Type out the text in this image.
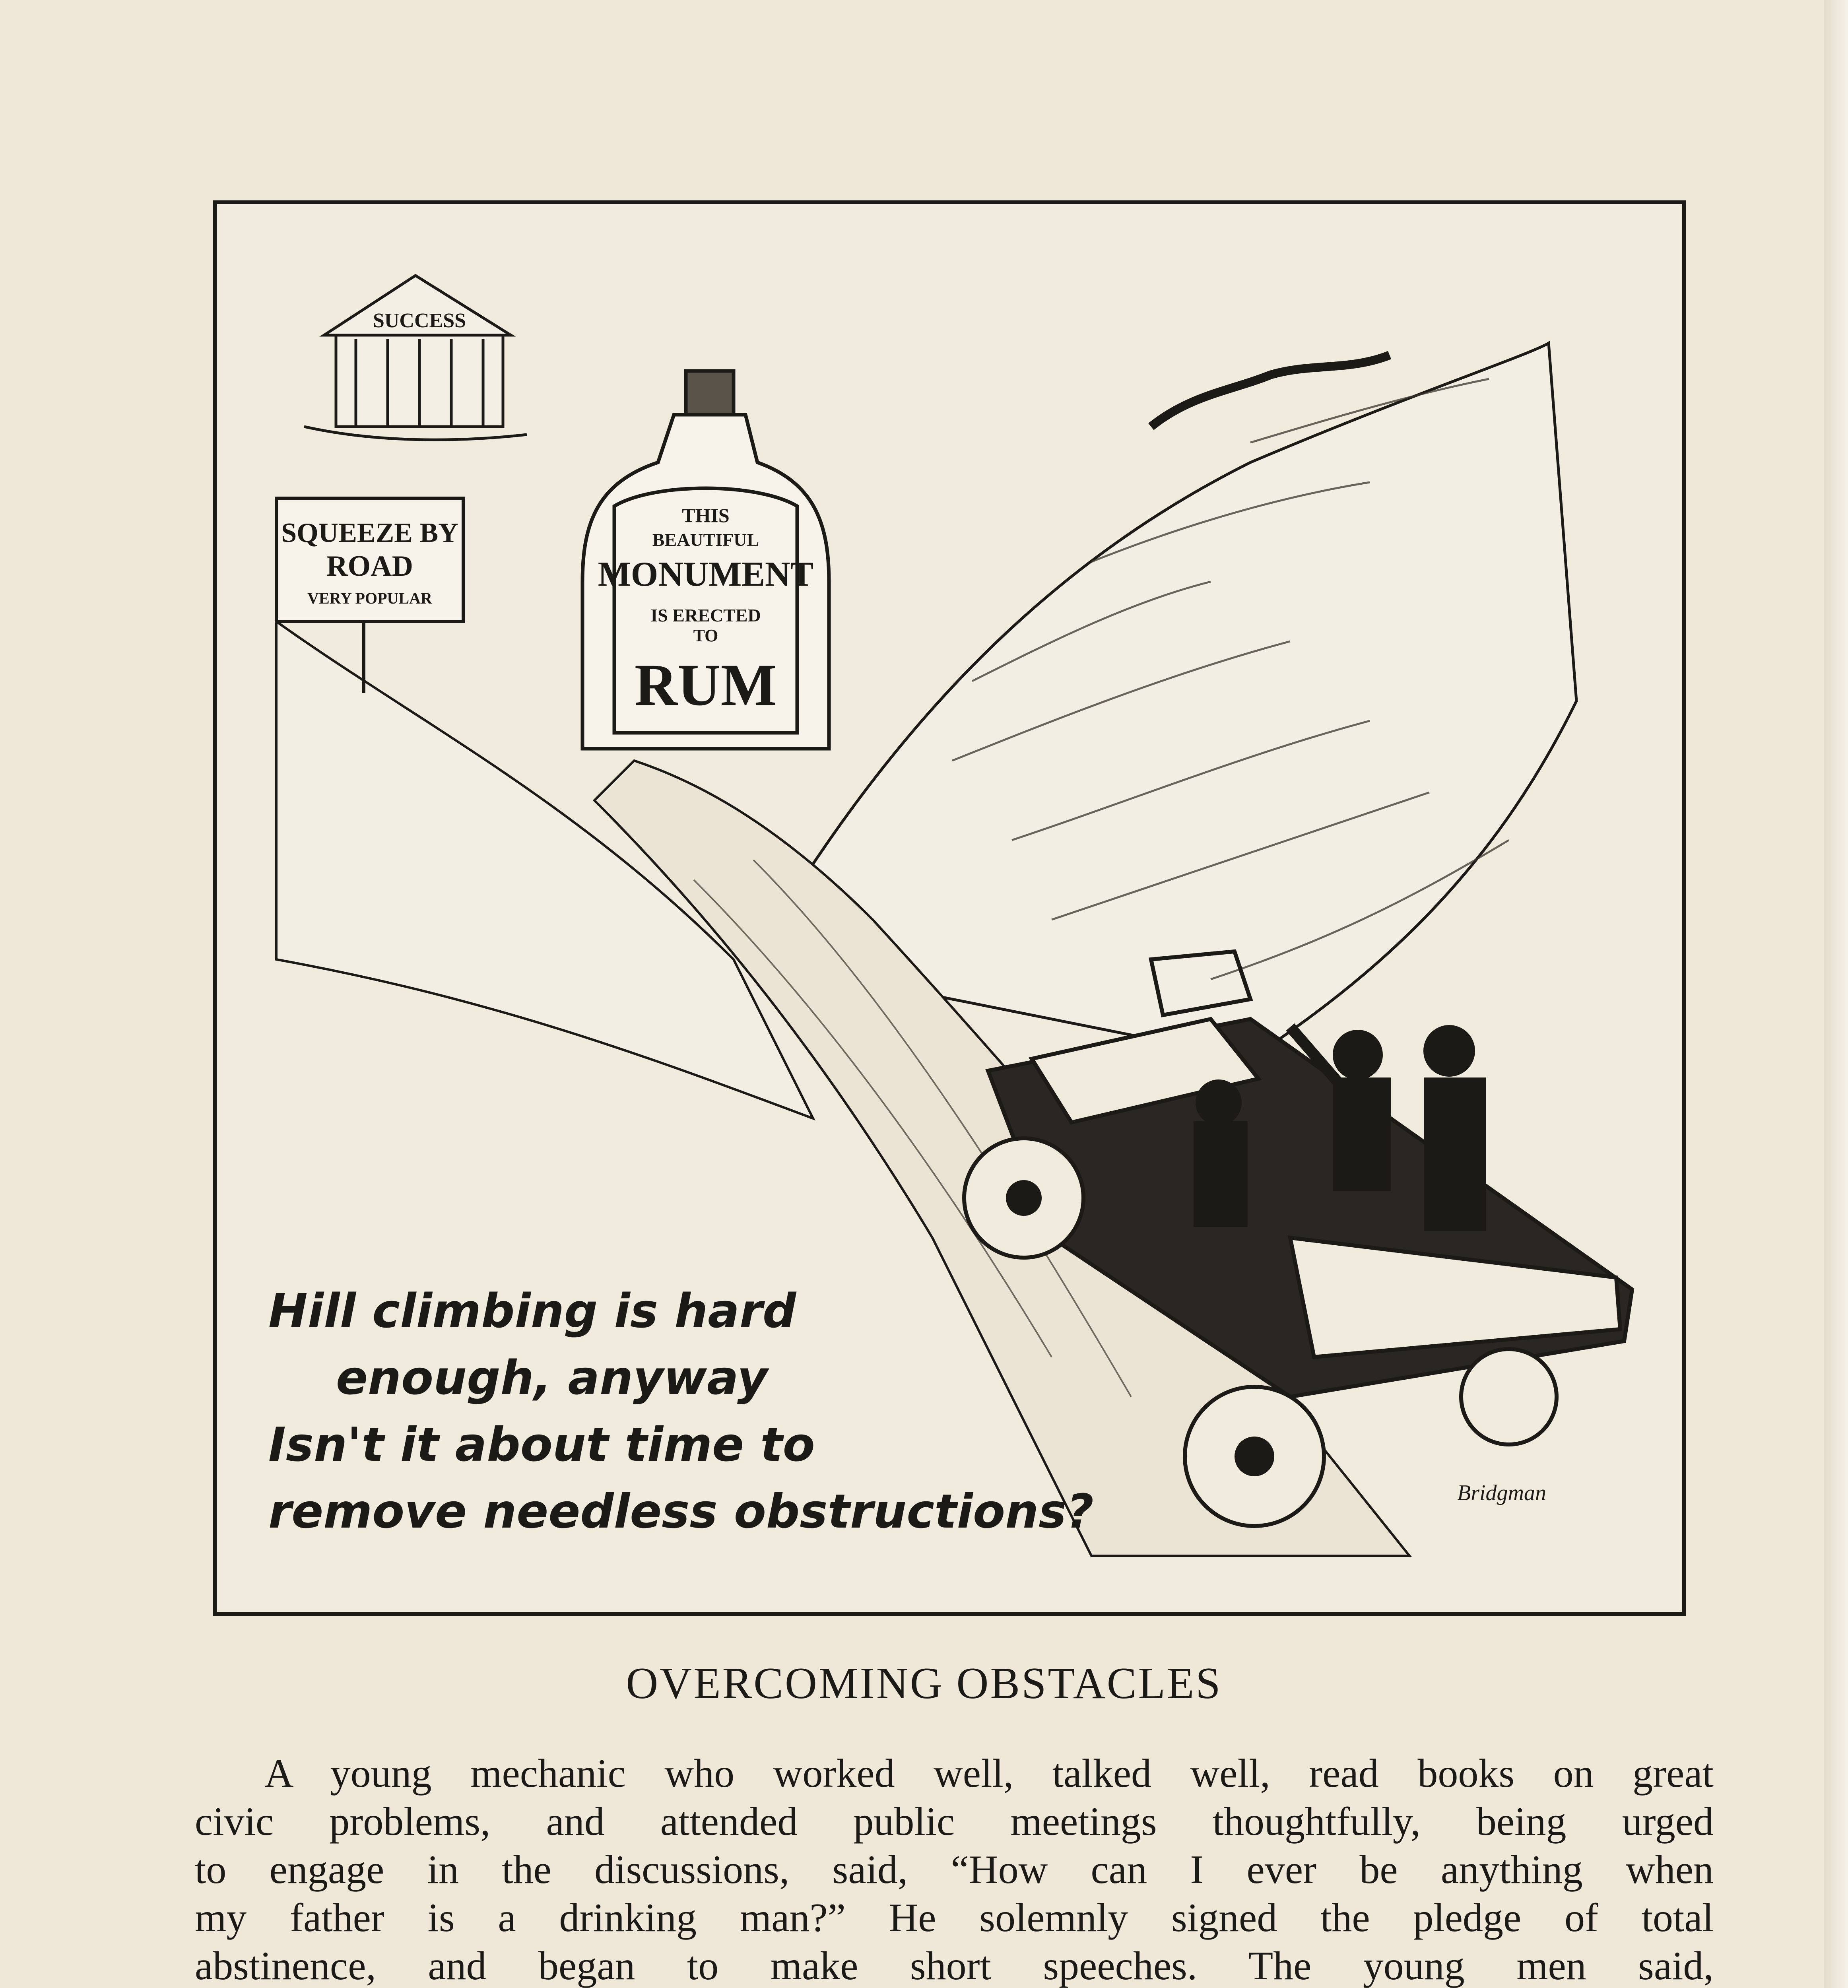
SUCCESS
SQUEEZE BY
ROAD
VERY POPULAR
THIS
BEAUTIFUL
MONUMENT
IS ERECTED
TO
RUM
Hill climbing is hard
enough, anyway
Isn't it about time to
remove needless obstructions?	Bridgman
OVERCOMING OBSTACLES
A young mechanic who worked well, talked well, read books on great
civic problems, and attended public meetings thoughtfully, being urged
to engage in the discussions, said, “How can I ever be anything when
my father is a drinking man?” He solemnly signed the pledge of total
abstinence, and began to make short speeches. The young men said,
